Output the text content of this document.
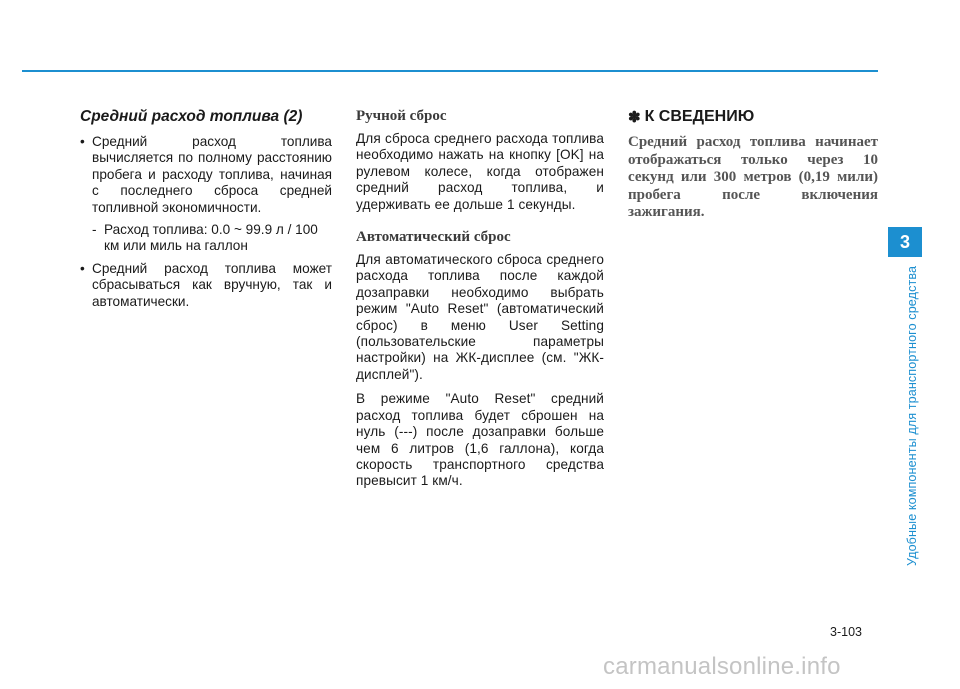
Средний расход топлива (2)
• Средний расход топлива вычисляется по полному расстоянию пробега и расходу топлива, начиная с последнего сброса средней топливной экономичности.
- Расход топлива: 0.0 ~ 99.9 л / 100 км или миль на галлон
• Средний расход топлива может сбрасываться как вручную, так и автоматически.
Ручной сброс

Для сброса среднего расхода топлива необходимо нажать на кнопку [OK] на рулевом колесе, когда отображен средний расход топлива, и удерживать ее дольше 1 секунды.

Автоматический сброс

Для автоматического сброса среднего расхода топлива после каждой дозаправки необходимо выбрать режим "Auto Reset" (автоматический сброс) в меню User Setting (пользовательские параметры настройки) на ЖК-дисплее (см. "ЖК-дисплей").

В режиме "Auto Reset" средний расход топлива будет сброшен на нуль (---) после дозаправки больше чем 6 литров (1,6 галлона), когда скорость транспортного средства превысит 1 км/ч.

✽ К СВЕДЕНИЮ

Средний расход топлива начинает отображаться только через 10 секунд или 300 метров (0,19 мили) пробега после включения зажигания.

3
Удобные компоненты для транспортного средства
3-103
carmanualsonline.info
